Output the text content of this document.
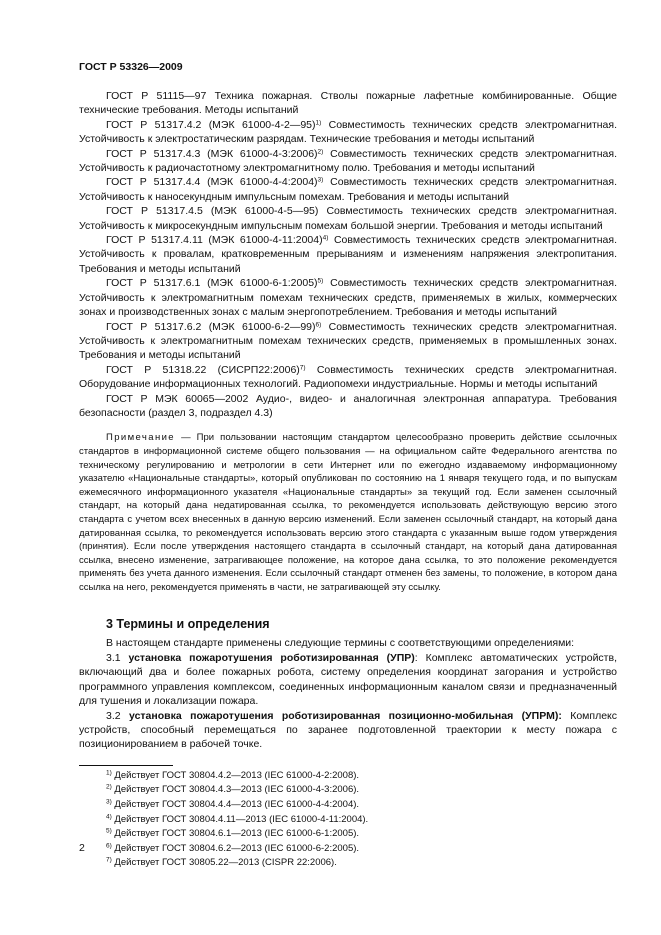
ГОСТ Р 53326—2009

ГОСТ Р 51115—97 Техника пожарная. Стволы пожарные лафетные комбинированные. Общие технические требования. Методы испытаний

ГОСТ Р 51317.4.2 (МЭК 61000-4-2—95)$^{1)}$ Совместимость технических средств электромагнитная. Устойчивость к электростатическим разрядам. Технические требования и методы испытаний

ГОСТ Р 51317.4.3 (МЭК 61000-4-3:2006)$^{2)}$ Совместимость технических средств электромагнитная. Устойчивость к радиочастотному электромагнитному полю. Требования и методы испытаний

ГОСТ Р 51317.4.4 (МЭК 61000-4-4:2004)$^{3)}$ Совместимость технических средств электромагнитная. Устойчивость к наносекундным импульсным помехам. Требования и методы испытаний

ГОСТ Р 51317.4.5 (МЭК 61000-4-5—95) Совместимость технических средств электромагнитная. Устойчивость к микросекундным импульсным помехам большой энергии. Требования и методы испытаний

ГОСТ Р 51317.4.11 (МЭК 61000-4-11:2004)$^{4)}$ Совместимость технических средств электромагнитная. Устойчивость к провалам, кратковременным прерываниям и изменениям напряжения электропитания. Требования и методы испытаний

ГОСТ Р 51317.6.1 (МЭК 61000-6-1:2005)$^{5)}$ Совместимость технических средств электромагнитная. Устойчивость к электромагнитным помехам технических средств, применяемых в жилых, коммерческих зонах и производственных зонах с малым энергопотреблением. Требования и методы испытаний

ГОСТ Р 51317.6.2 (МЭК 61000-6-2—99)$^{6)}$ Совместимость технических средств электромагнитная. Устойчивость к электромагнитным помехам технических средств, применяемых в промышленных зонах. Требования и методы испытаний

ГОСТ Р 51318.22 (СИСРП22:2006)$^{7)}$ Совместимость технических средств электромагнитная. Оборудование информационных технологий. Радиопомехи индустриальные. Нормы и методы испытаний

ГОСТ Р МЭК 60065—2002 Аудио-, видео- и аналогичная электронная аппаратура. Требования безопасности (раздел 3, подраздел 4.3)

Примечание — При пользовании настоящим стандартом целесообразно проверить действие ссылочных стандартов в информационной системе общего пользования — на официальном сайте Федерального агентства по техническому регулированию и метрологии в сети Интернет или по ежегодно издаваемому информационному указателю «Национальные стандарты», который опубликован по состоянию на 1 января текущего года, и по выпускам ежемесячного информационного указателя «Национальные стандарты» за текущий год. Если заменен ссылочный стандарт, на который дана недатированная ссылка, то рекомендуется использовать действующую версию этого стандарта с учетом всех внесенных в данную версию изменений. Если заменен ссылочный стандарт, на который дана датированная ссылка, то рекомендуется использовать версию этого стандарта с указанным выше годом утверждения (принятия). Если после утверждения настоящего стандарта в ссылочный стандарт, на который дана датированная ссылка, внесено изменение, затрагивающее положение, на которое дана ссылка, то это положение рекомендуется применять без учета данного изменения. Если ссылочный стандарт отменен без замены, то положение, в котором дана ссылка на него, рекомендуется применять в части, не затрагивающей эту ссылку.
3 Термины и определения

В настоящем стандарте применены следующие термины с соответствующими определениями:

3.1 установка пожаротушения роботизированная (УПР): Комплекс автоматических устройств, включающий два и более пожарных робота, систему определения координат загорания и устройство программного управления комплексом, соединенных информационным каналом связи и предназначенный для тушения и локализации пожара.

3.2 установка пожаротушения роботизированная позиционно-мобильная (УПРМ): Комплекс устройств, способный перемещаться по заранее подготовленной траектории к месту пожара с позиционированием в рабочей точке.

$^{1)}$ Действует ГОСТ 30804.4.2—2013 (IEC 61000-4-2:2008).
$^{2)}$ Действует ГОСТ 30804.4.3—2013 (IEC 61000-4-3:2006).
$^{3)}$ Действует ГОСТ 30804.4.4—2013 (IEC 61000-4-4:2004).
$^{4)}$ Действует ГОСТ 30804.4.11—2013 (IEC 61000-4-11:2004).
$^{5)}$ Действует ГОСТ 30804.6.1—2013 (IEC 61000-6-1:2005).
$^{6)}$ Действует ГОСТ 30804.6.2—2013 (IEC 61000-6-2:2005).
$^{7)}$ Действует ГОСТ 30805.22—2013 (CISPR 22:2006).
2
